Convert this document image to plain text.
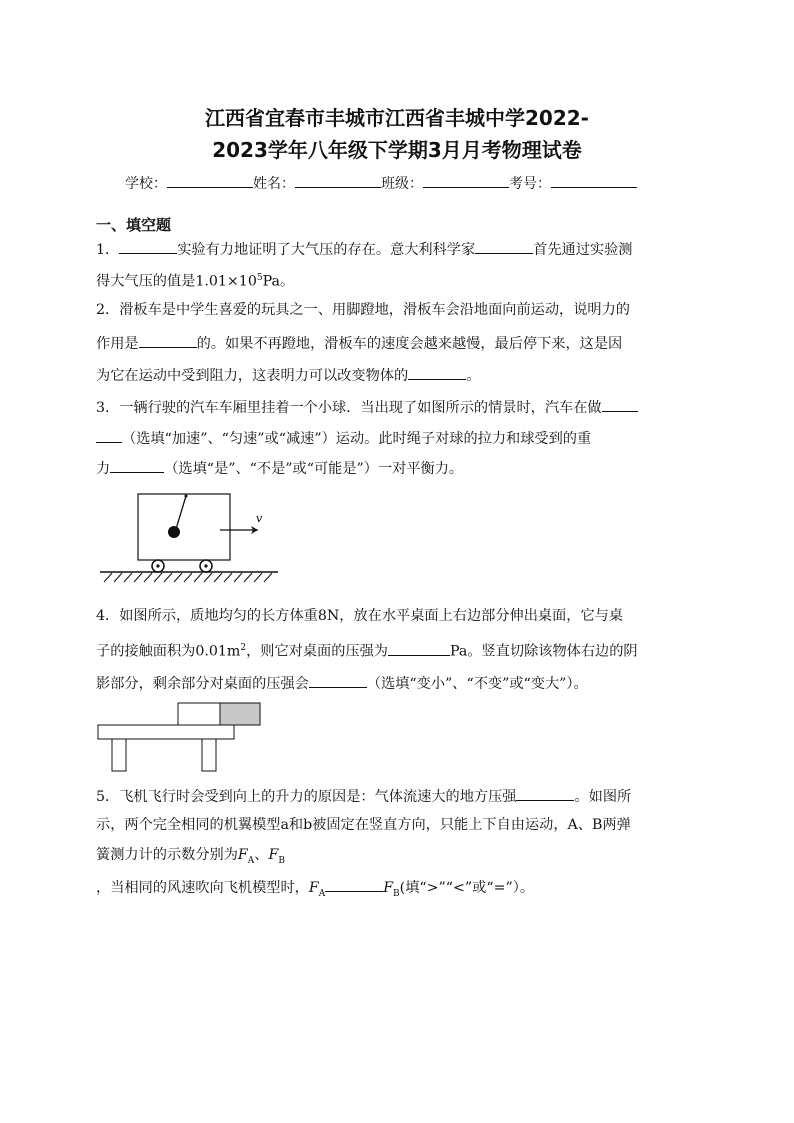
江西省宜春市丰城市江西省丰城中学2022-
2023学年八年级下学期3月月考物理试卷
学校：	姓名：	班级：	考号：
一、填空题
1．	实验有力地证明了大气压的存在。意大利科学家	首先通过实验测
得大气压的值是$1.01\times 10^5Pa$。
2．滑板车是中学生喜爱的玩具之一、用脚蹬地，滑板车会沿地面向前运动，说明力的
作用是	的。如果不再蹬地，滑板车的速度会越来越慢，最后停下来，这是因
为它在运动中受到阻力，这表明力可以改变物体的	。
3．一辆行驶的汽车车厢里挂着一个小球．当出现了如图所示的情景时，汽车在做
（选填“加速”、“匀速”或“减速”）运动。此时绳子对球的拉力和球受到的重
力	（选填“是”、“不是”或“可能是”）一对平衡力。
v
4．如图所示，质地均匀的长方体重8N，放在水平桌面上右边部分伸出桌面，它与桌
子的接触面积为$0.01m^2$，则它对桌面的压强为	Pa。竖直切除该物体右边的阴
影部分，剩余部分对桌面的压强会	（选填“变小”、“不变”或“变大”）。
5．飞机飞行时会受到向上的升力的原因是：气体流速大的地方压强	。如图所
示，两个完全相同的机翼模型a和b被固定在竖直方向，只能上下自由运动，A、B两弹
簧测力计的示数分别为$F_A$、$F_B$
，当相同的风速吹向飞机模型时，$F_A$	$F_B$(填“>”“<”或“=”）。
